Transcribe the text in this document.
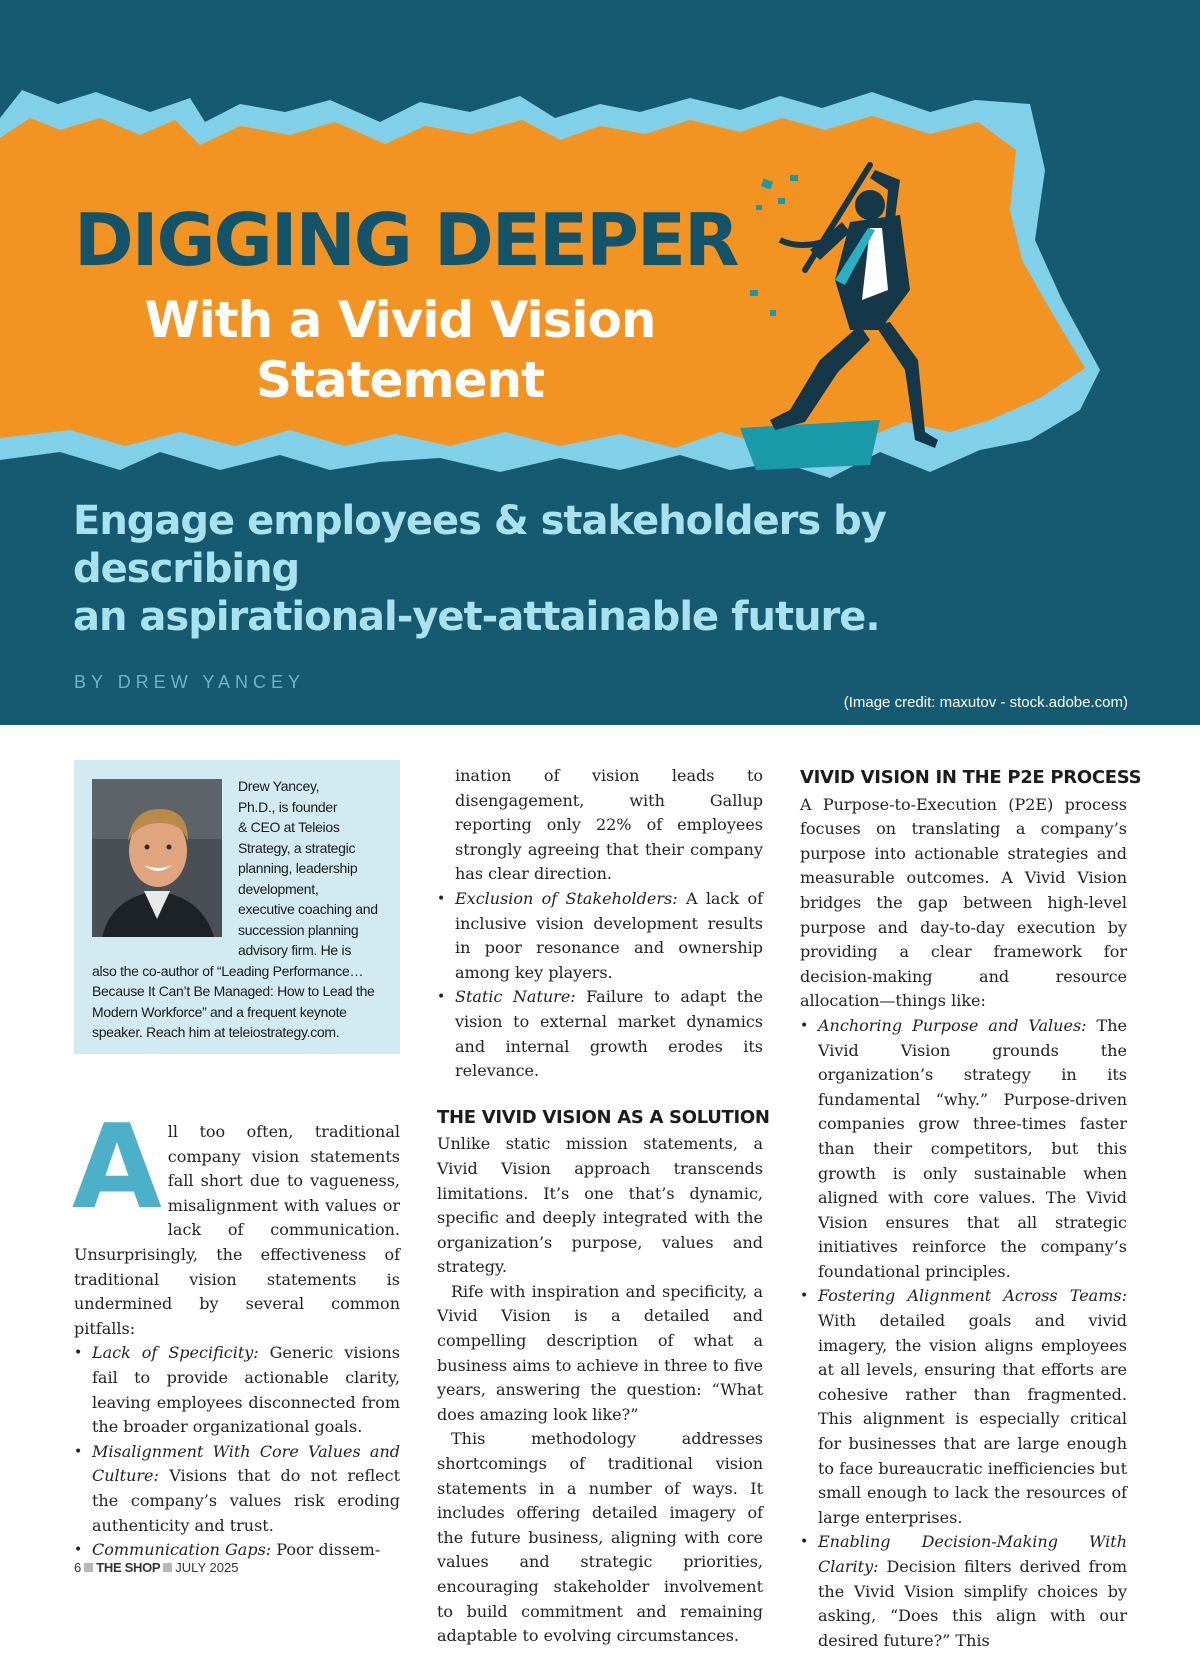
DIGGING DEEPER
With a Vivid Vision
Statement
Engage employees & stakeholders by describing
an aspirational-yet-attainable future.
BY DREW YANCEY
(Image credit: maxutov - stock.adobe.com)
Drew Yancey,
Ph.D., is founder
& CEO at Teleios
Strategy, a strategic
planning, leadership
development,
executive coaching and
succession planning
advisory firm. He is
also the co-author of “Leading Performance… Because It Can’t Be Managed: How to Lead the Modern Workforce” and a frequent keynote speaker. Reach him at teleiostrategy.com.
A ll too often, traditional company vision statements fall short due to vagueness, misalignment with values or lack of communication. Unsurprisingly, the effectiveness of traditional vision statements is undermined by several common pitfalls:

• Lack of Specificity: Generic visions fail to provide actionable clarity, leaving employees disconnected from the broader organizational goals.
• Misalignment With Core Values and Culture: Visions that do not reflect the company’s values risk eroding authenticity and trust.
• Communication Gaps: Poor dissem-
ination of vision leads to disengagement, with Gallup reporting only 22% of employees strongly agreeing that their company has clear direction.
• Exclusion of Stakeholders: A lack of inclusive vision development results in poor resonance and ownership among key players.
• Static Nature: Failure to adapt the vision to external market dynamics and internal growth erodes its relevance.
THE VIVID VISION AS A SOLUTION

Unlike static mission statements, a Vivid Vision approach transcends limitations. It’s one that’s dynamic, specific and deeply integrated with the organization’s purpose, values and strategy.

Rife with inspiration and specificity, a Vivid Vision is a detailed and compelling description of what a business aims to achieve in three to five years, answering the question: “What does amazing look like?”

This methodology addresses shortcomings of traditional vision statements in a number of ways. It includes offering detailed imagery of the future business, aligning with core values and strategic priorities, encouraging stakeholder involvement to build commitment and remaining adaptable to evolving circumstances.

VIVID VISION IN THE P2E PROCESS

A Purpose-to-Execution (P2E) process focuses on translating a company’s purpose into actionable strategies and measurable outcomes. A Vivid Vision bridges the gap between high-level purpose and day-to-day execution by providing a clear framework for decision-making and resource allocation—things like:

• Anchoring Purpose and Values: The Vivid Vision grounds the organization’s strategy in its fundamental “why.” Purpose-driven companies grow three-times faster than their competitors, but this growth is only sustainable when aligned with core values. The Vivid Vision ensures that all strategic initiatives reinforce the company’s foundational principles.
• Fostering Alignment Across Teams: With detailed goals and vivid imagery, the vision aligns employees at all levels, ensuring that efforts are cohesive rather than fragmented. This alignment is especially critical for businesses that are large enough to face bureaucratic inefficiencies but small enough to lack the resources of large enterprises.
• Enabling Decision-Making With Clarity: Decision filters derived from the Vivid Vision simplify choices by asking, “Does this align with our desired future?” This
6 THE SHOP JULY 2025
